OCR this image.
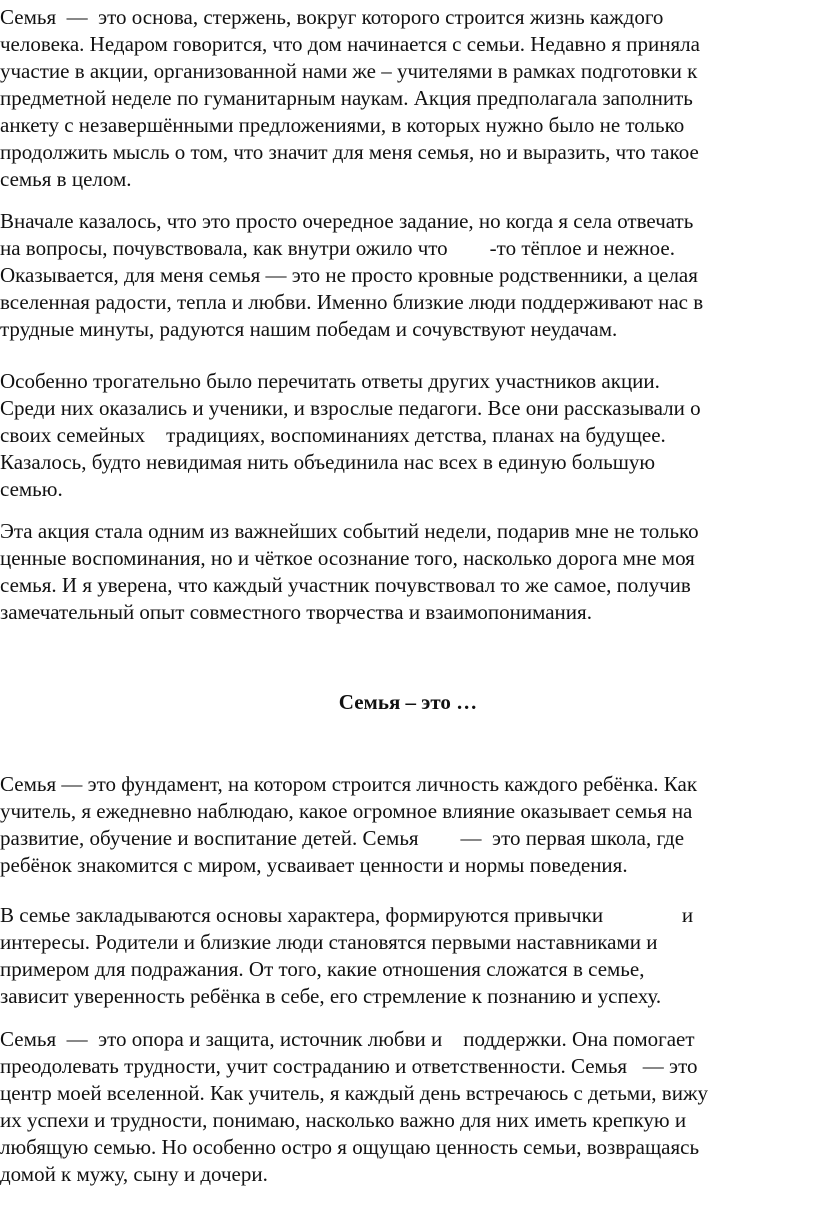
Семья  —  это основа, стержень, вокруг которого строится жизнь каждого
человека. Недаром говорится, что дом начинается с семьи. Недавно я приняла
участие в акции, организованной нами же – учителями в рамках подготовки к
предметной неделе по гуманитарным наукам. Акция предполагала заполнить
анкету с незавершёнными предложениями, в которых нужно было не только
продолжить мысль о том, что значит для меня семья, но и выразить, что такое
семья в целом.
Вначале казалось, что это просто очередное задание, но когда я села отвечать
на вопросы, почувствовала, как внутри ожило что        -то тёплое и нежное.
Оказывается, для меня семья — это не просто кровные родственники, а целая
вселенная радости, тепла и любви. Именно близкие люди поддерживают нас в
трудные минуты, радуются нашим победам и сочувствуют неудачам.
Особенно трогательно было перечитать ответы других участников акции.
Среди них оказались и ученики, и взрослые педагоги. Все они рассказывали о
своих семейных    традициях, воспоминаниях детства, планах на будущее.
Казалось, будто невидимая нить объединила нас всех в единую большую
семью.
Эта акция стала одним из важнейших событий недели, подарив мне не только
ценные воспоминания, но и чёткое осознание того, насколько дорога мне моя
семья. И я уверена, что каждый участник почувствовал то же самое, получив
замечательный опыт совместного творчества и взаимопонимания.
Семья – это …
Семья — это фундамент, на котором строится личность каждого ребёнка. Как
учитель, я ежедневно наблюдаю, какое огромное влияние оказывает семья на
развитие, обучение и воспитание детей. Семья        —  это первая школа, где
ребёнок знакомится с миром, усваивает ценности и нормы поведения.
В семье закладываются основы характера, формируются привычки               и
интересы. Родители и близкие люди становятся первыми наставниками и
примером для подражания. От того, какие отношения сложатся в семье,
зависит уверенность ребёнка в себе, его стремление к познанию и успеху.
Семья  —  это опора и защита, источник любви и    поддержки. Она помогает
преодолевать трудности, учит состраданию и ответственности. Семья   — это
центр моей вселенной. Как учитель, я каждый день встречаюсь с детьми, вижу
их успехи и трудности, понимаю, насколько важно для них иметь крепкую и
любящую семью. Но особенно остро я ощущаю ценность семьи, возвращаясь
домой к мужу, сыну и дочери.
